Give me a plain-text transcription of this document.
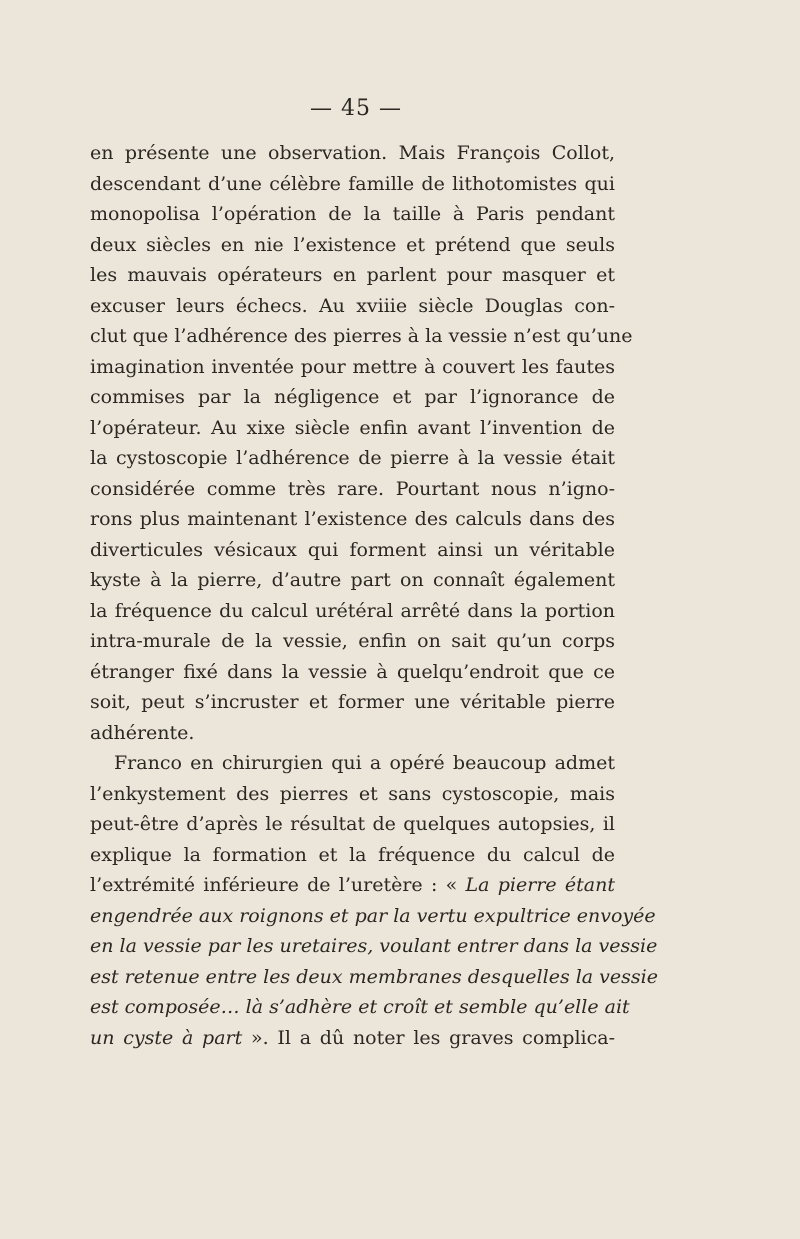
— 45 —
en présente une observation. Mais François Collot,
descendant d’une célèbre famille de lithotomistes qui
monopolisa l’opération de la taille à Paris pendant
deux siècles en nie l’existence et prétend que seuls
les mauvais opérateurs en parlent pour masquer et
excuser leurs échecs. Au xviiie siècle Douglas con-
clut que l’adhérence des pierres à la vessie n’est qu’une
imagination inventée pour mettre à couvert les fautes
commises par la négligence et par l’ignorance de
l’opérateur. Au xixe siècle enfin avant l’invention de
la cystoscopie l’adhérence de pierre à la vessie était
considérée comme très rare. Pourtant nous n’igno-
rons plus maintenant l’existence des calculs dans des
diverticules vésicaux qui forment ainsi un véritable
kyste à la pierre, d’autre part on connaît également
la fréquence du calcul urétéral arrêté dans la portion
intra-murale de la vessie, enfin on sait qu’un corps
étranger fixé dans la vessie à quelqu’endroit que ce
soit, peut s’incruster et former une véritable pierre
adhérente.
Franco en chirurgien qui a opéré beaucoup admet
l’enkystement des pierres et sans cystoscopie, mais
peut-être d’après le résultat de quelques autopsies, il
explique la formation et la fréquence du calcul de
l’extrémité inférieure de l’uretère : « La pierre étant
engendrée aux roignons et par la vertu expultrice envoyée
en la vessie par les uretaires, voulant entrer dans la vessie
est retenue entre les deux membranes desquelles la vessie
est composée… là s’adhère et croît et semble qu’elle ait
un cyste à part ». Il a dû noter les graves complica-
